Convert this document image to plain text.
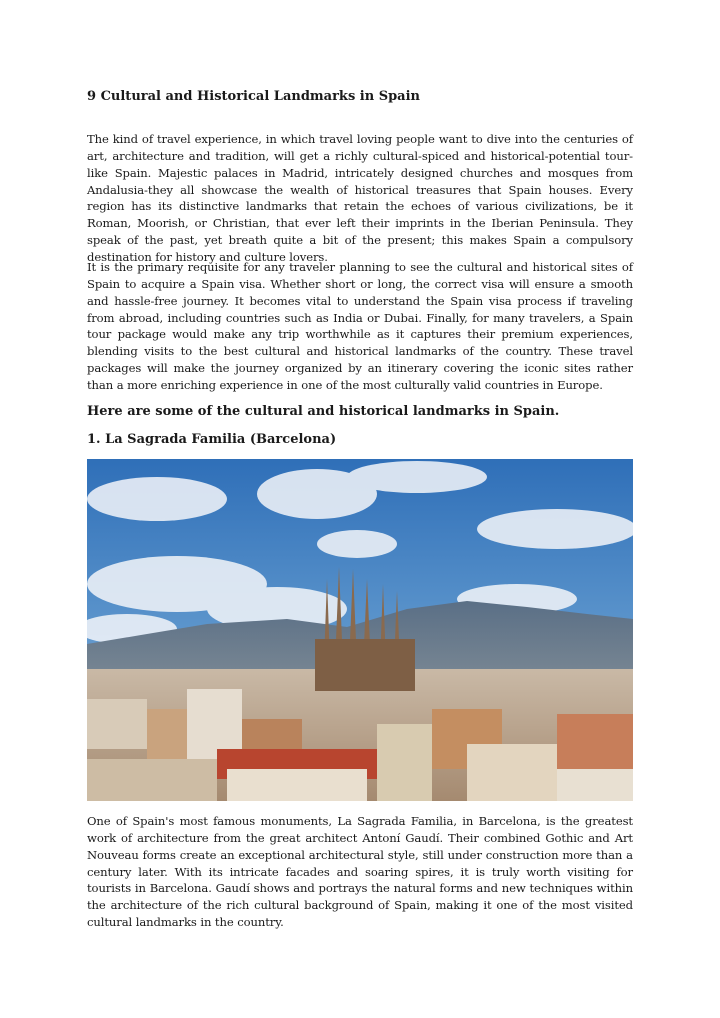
9 Cultural and Historical Landmarks in Spain

The kind of travel experience, in which travel loving people want to dive into the centuries of art, architecture and tradition, will get a richly cultural-spiced and historical-potential tour-like Spain. Majestic palaces in Madrid, intricately designed churches and mosques from Andalusia-they all showcase the wealth of historical treasures that Spain houses. Every region has its distinctive landmarks that retain the echoes of various civilizations, be it Roman, Moorish, or Christian, that ever left their imprints in the Iberian Peninsula. They speak of the past, yet breath quite a bit of the present; this makes Spain a compulsory destination for history and culture lovers.

It is the primary requisite for any traveler planning to see the cultural and historical sites of Spain to acquire a Spain visa. Whether short or long, the correct visa will ensure a smooth and hassle-free journey. It becomes vital to understand the Spain visa process if traveling from abroad, including countries such as India or Dubai. Finally, for many travelers, a Spain tour package would make any trip worthwhile as it captures their premium experiences, blending visits to the best cultural and historical landmarks of the country. These travel packages will make the journey organized by an itinerary covering the iconic sites rather than a more enriching experience in one of the most culturally valid countries in Europe.

Here are some of the cultural and historical landmarks in Spain.
1. La Sagrada Familia (Barcelona)

One of Spain's most famous monuments, La Sagrada Familia, in Barcelona, is the greatest work of architecture from the great architect Antoní Gaudí. Their combined Gothic and Art Nouveau forms create an exceptional architectural style, still under construction more than a century later. With its intricate facades and soaring spires, it is truly worth visiting for tourists in Barcelona. Gaudí shows and portrays the natural forms and new techniques within the architecture of the rich cultural background of Spain, making it one of the most visited cultural landmarks in the country.
